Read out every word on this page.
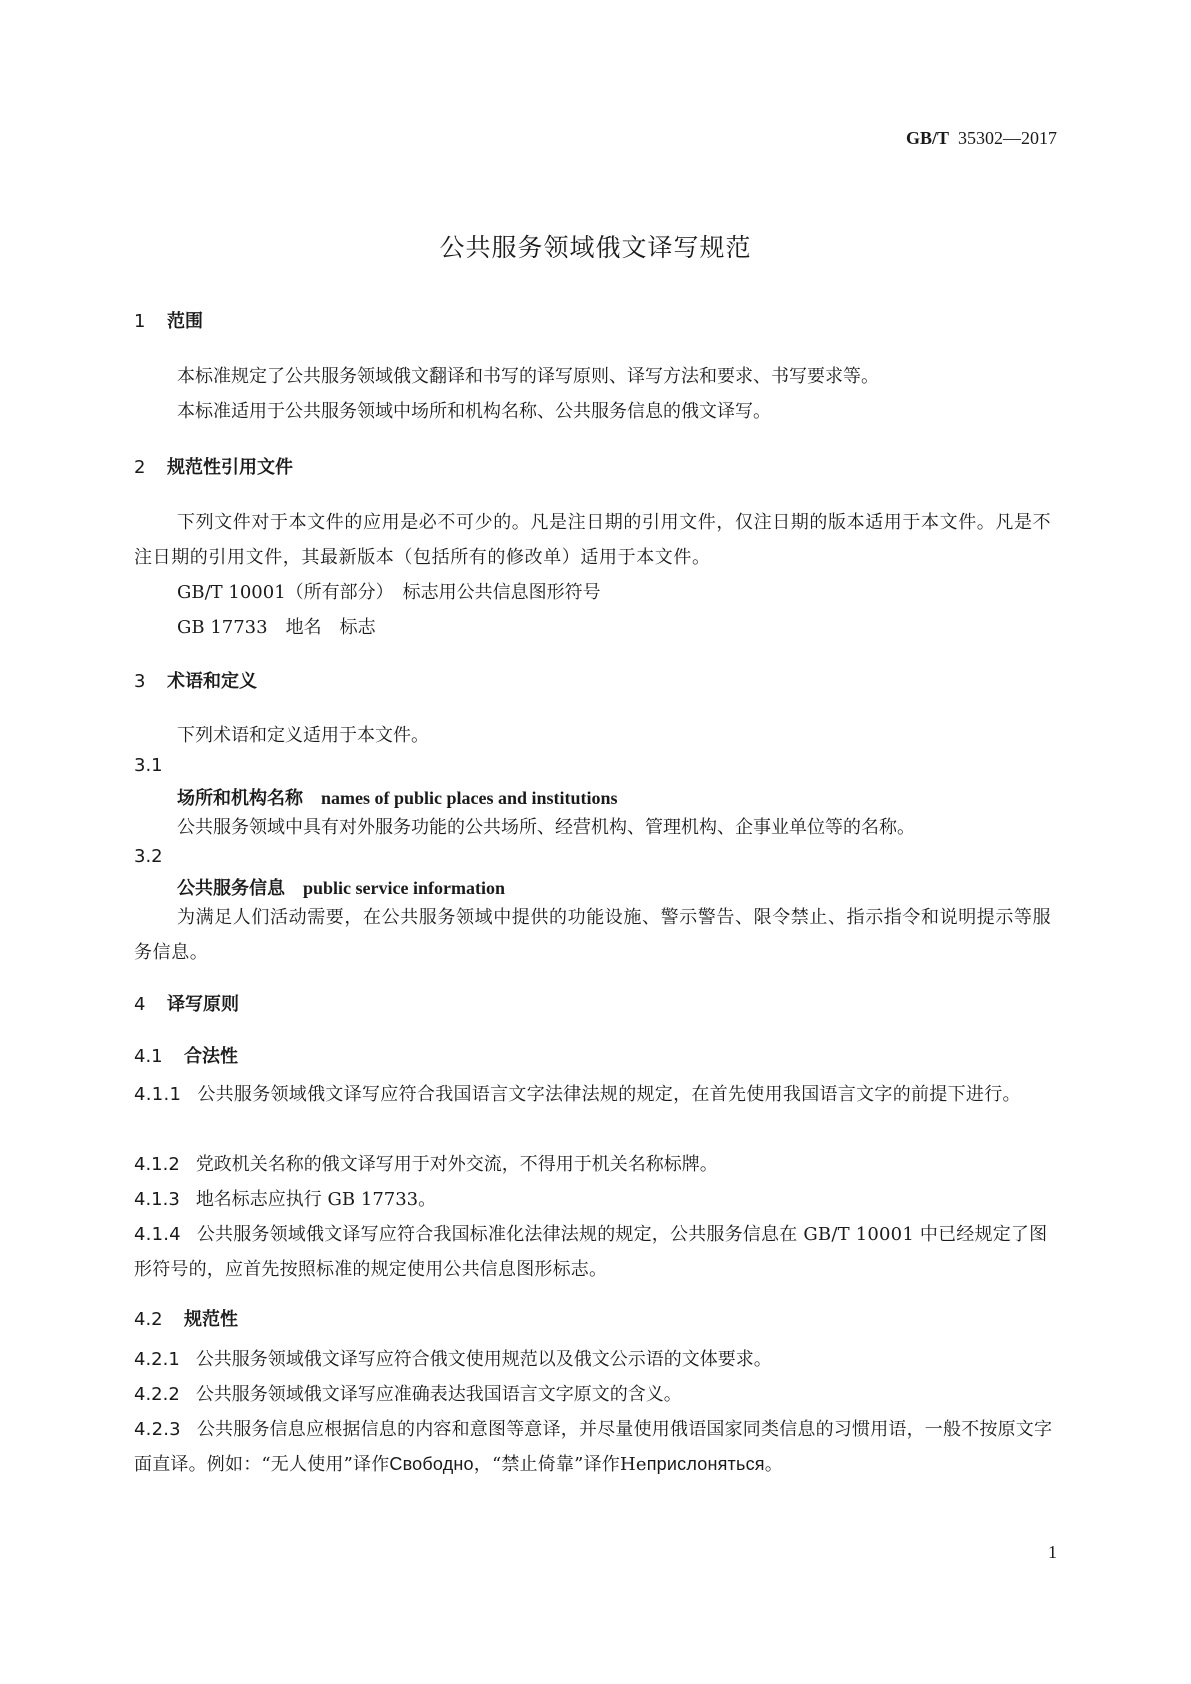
GB/T 35302—2017
公共服务领域俄文译写规范
1 范围
本标准规定了公共服务领域俄文翻译和书写的译写原则、译写方法和要求、书写要求等。
本标准适用于公共服务领域中场所和机构名称、公共服务信息的俄文译写。
2 规范性引用文件
下列文件对于本文件的应用是必不可少的。凡是注日期的引用文件，仅注日期的版本适用于本文件。凡是不注日期的引用文件，其最新版本（包括所有的修改单）适用于本文件。
GB/T 10001（所有部分）　标志用公共信息图形符号
GB 17733　地名　标志
3 术语和定义
下列术语和定义适用于本文件。
3.1
场所和机构名称 names of public places and institutions
公共服务领域中具有对外服务功能的公共场所、经营机构、管理机构、企事业单位等的名称。
3.2
公共服务信息 public service information
为满足人们活动需要，在公共服务领域中提供的功能设施、警示警告、限令禁止、指示指令和说明提示等服务信息。
4 译写原则
4.1 合法性
4.1.1 公共服务领域俄文译写应符合我国语言文字法律法规的规定，在首先使用我国语言文字的前提下进行。
4.1.2 党政机关名称的俄文译写用于对外交流，不得用于机关名称标牌。
4.1.3 地名标志应执行 GB 17733。
4.1.4 公共服务领域俄文译写应符合我国标准化法律法规的规定，公共服务信息在 GB/T 10001 中已经规定了图形符号的，应首先按照标准的规定使用公共信息图形标志。
4.2 规范性
4.2.1 公共服务领域俄文译写应符合俄文使用规范以及俄文公示语的文体要求。
4.2.2 公共服务领域俄文译写应准确表达我国语言文字原文的含义。
4.2.3 公共服务信息应根据信息的内容和意图等意译，并尽量使用俄语国家同类信息的习惯用语，一般不按原文字面直译。例如：“无人使用”译作Свободно，“禁止倚靠”译作Неприслоняться。
1
